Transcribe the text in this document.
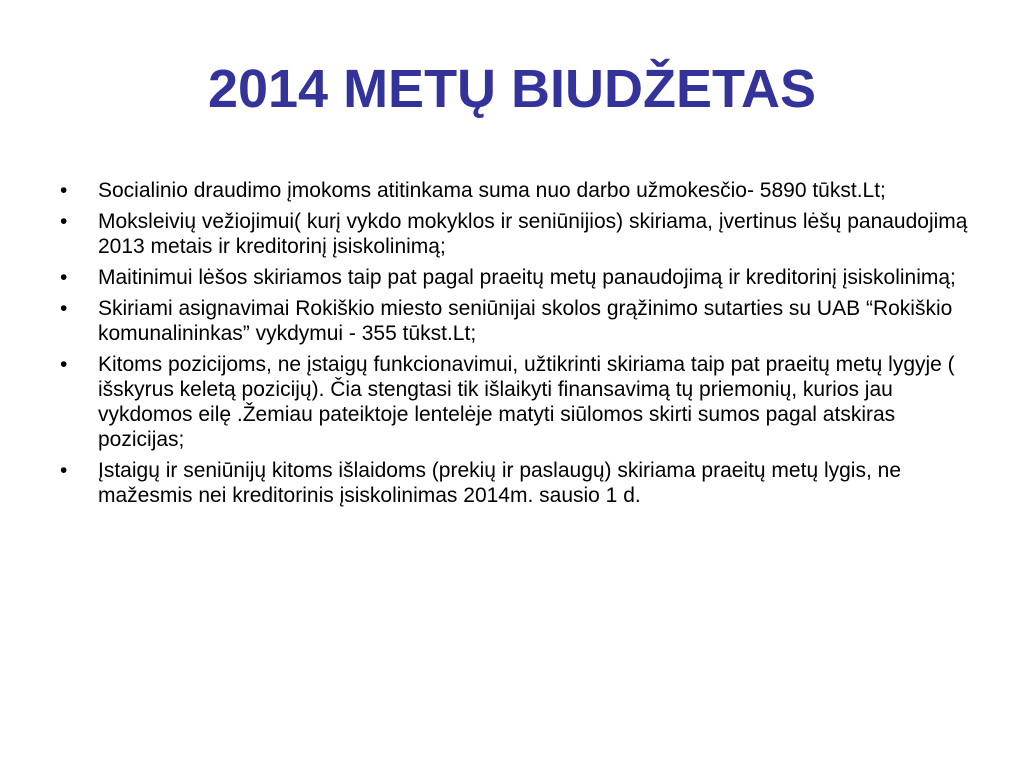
2014 METŲ BIUDŽETAS
•	Socialinio draudimo įmokoms atitinkama suma nuo darbo užmokesčio- 5890 tūkst.Lt;
•	Moksleivių vežiojimui( kurį vykdo mokyklos ir seniūnijios) skiriama, įvertinus lėšų panaudojimą 2013 metais ir kreditorinį įsiskolinimą;
•	Maitinimui lėšos skiriamos taip pat pagal praeitų metų panaudojimą ir kreditorinį įsiskolinimą;
•	Skiriami asignavimai Rokiškio miesto seniūnijai skolos grąžinimo sutarties su UAB “Rokiškio komunalininkas” vykdymui - 355 tūkst.Lt;
•	Kitoms pozicijoms, ne įstaigų funkcionavimui, užtikrinti skiriama taip pat praeitų metų lygyje ( išskyrus keletą pozicijų). Čia stengtasi tik išlaikyti finansavimą tų priemonių, kurios jau vykdomos eilę .Žemiau pateiktoje lentelėje matyti siūlomos skirti sumos pagal atskiras pozicijas;
•	Įstaigų ir seniūnijų kitoms išlaidoms (prekių ir paslaugų) skiriama praeitų metų lygis, ne mažesmis nei kreditorinis įsiskolinimas 2014m. sausio 1 d.
